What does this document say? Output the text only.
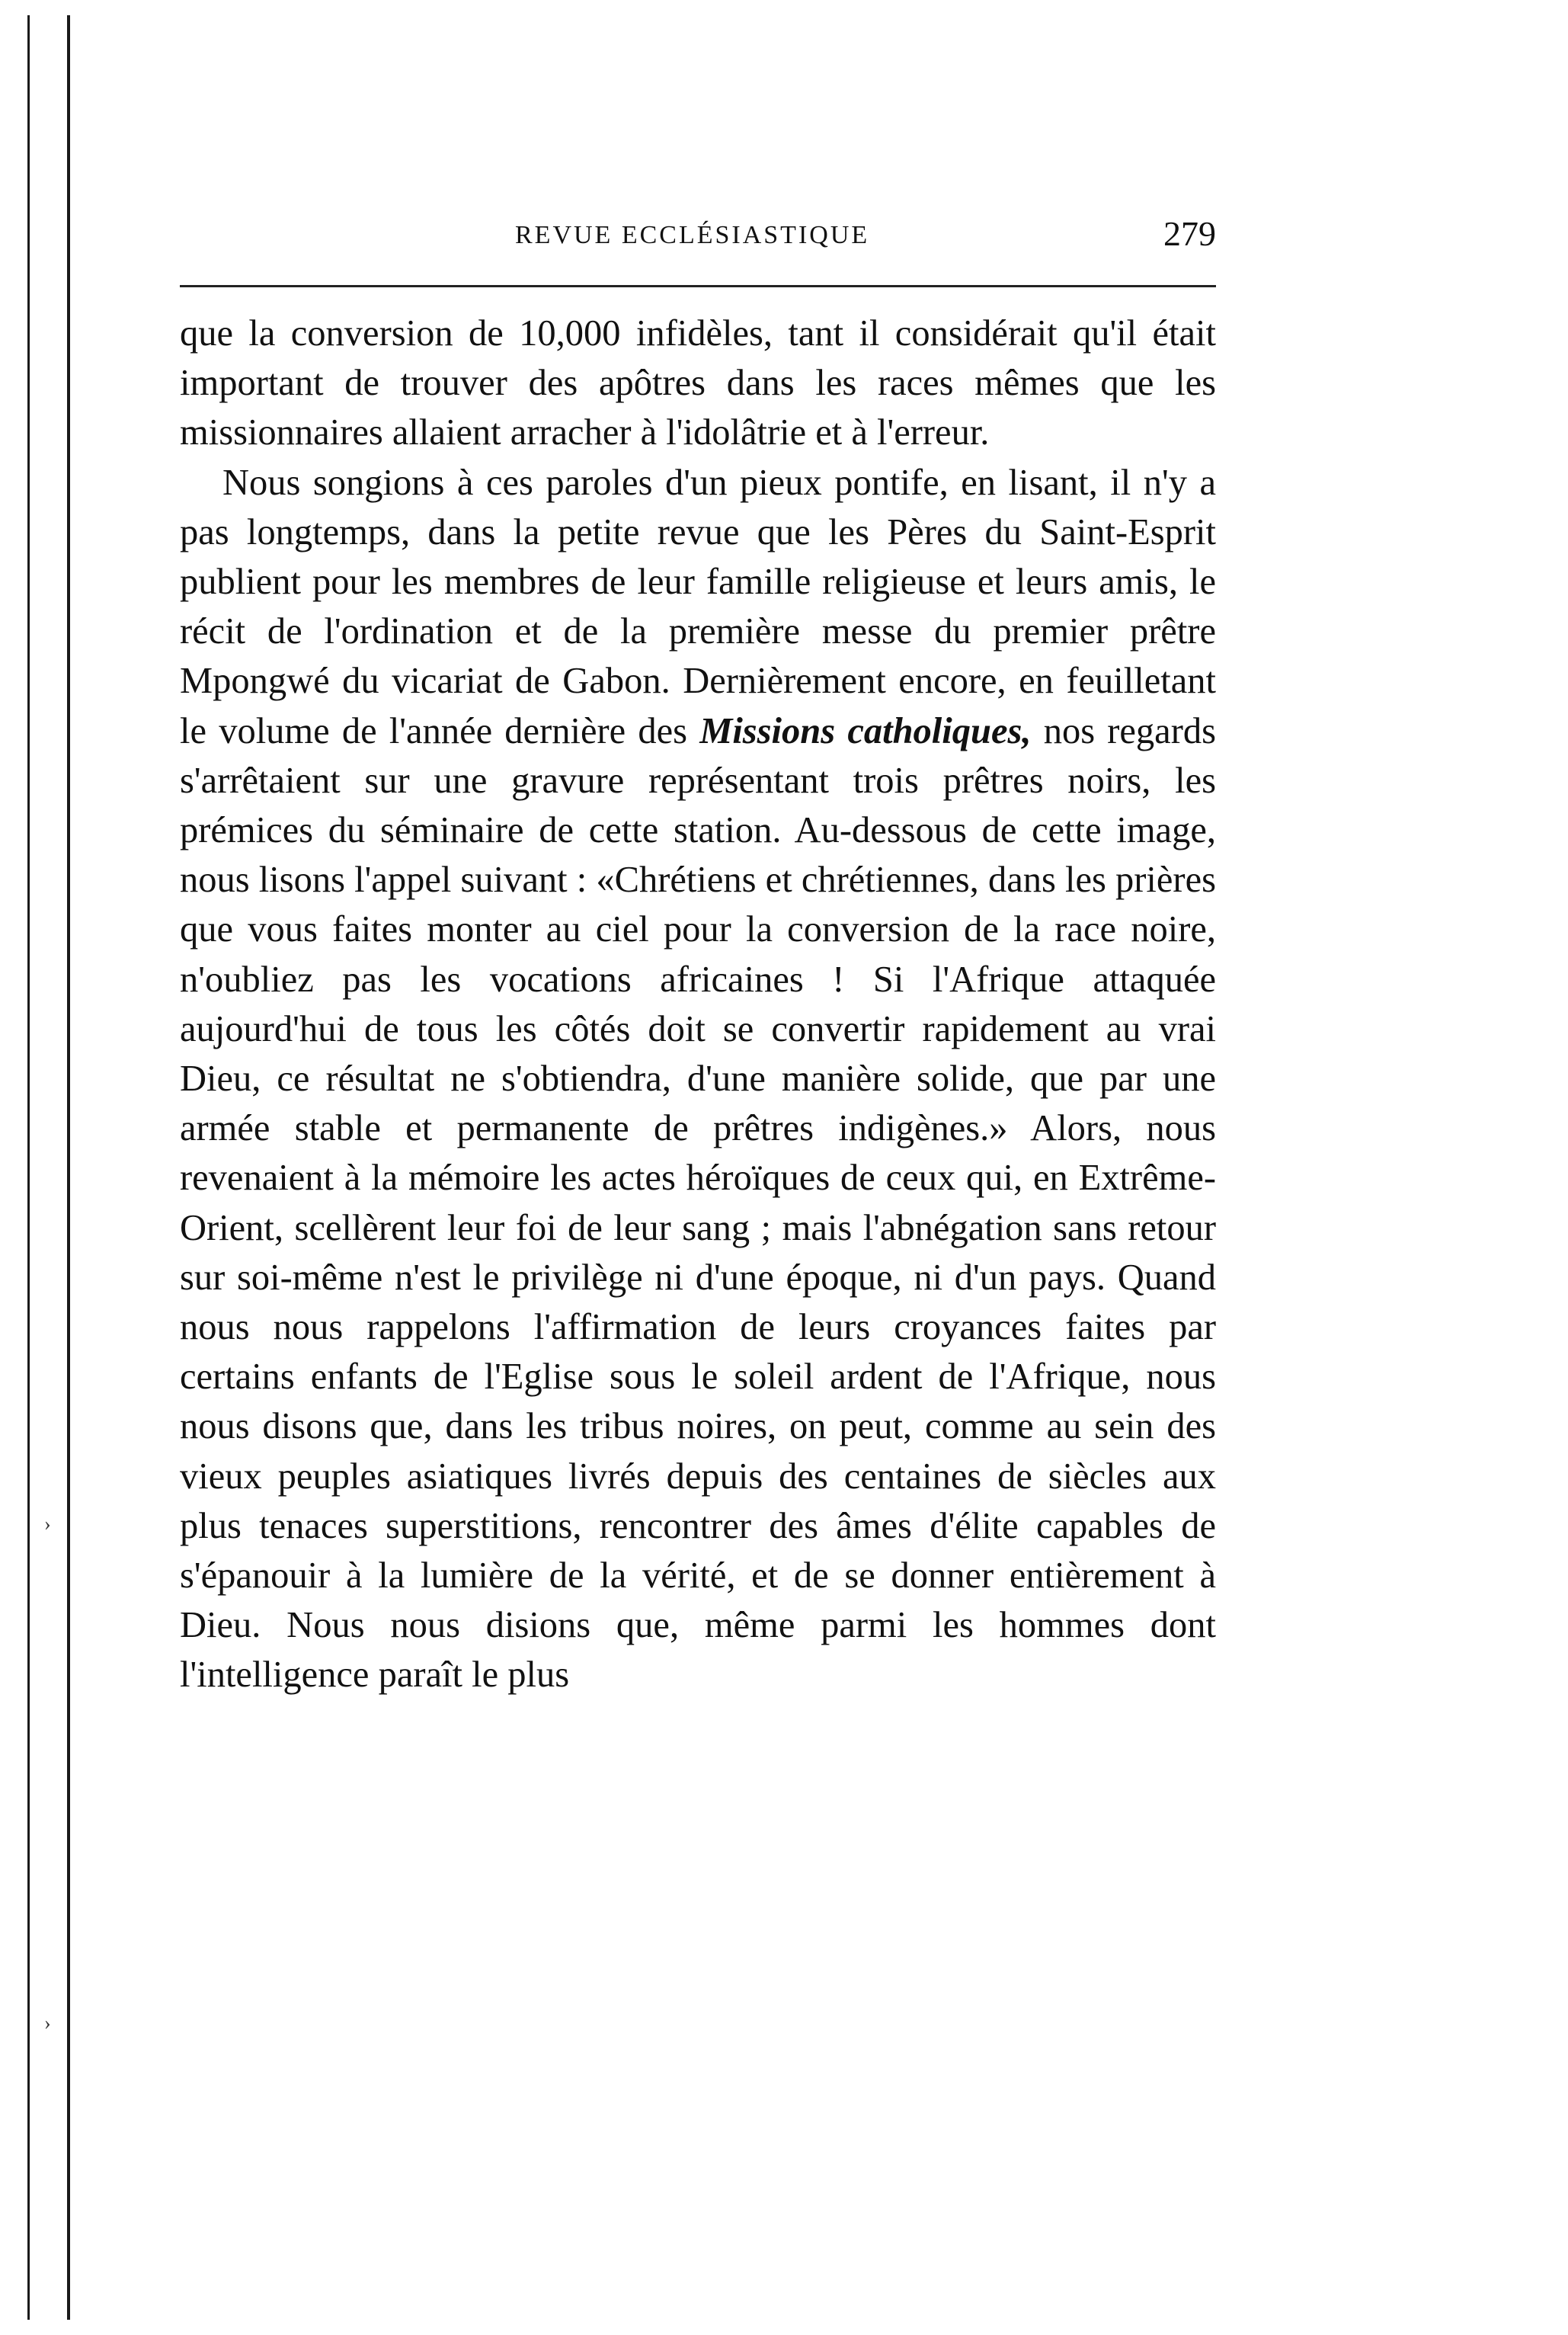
›
›
REVUE ECCLÉSIASTIQUE	279

que la conversion de 10,000 infidèles, tant il considérait qu'il était important de trouver des apôtres dans les races mêmes que les missionnaires allaient arracher à l'idolâtrie et à l'erreur.

Nous songions à ces paroles d'un pieux pontife, en lisant, il n'y a pas longtemps, dans la petite revue que les Pères du Saint-Esprit publient pour les membres de leur famille religieuse et leurs amis, le récit de l'ordination et de la première messe du premier prêtre Mpongwé du vicariat de Gabon. Dernièrement encore, en feuilletant le volume de l'année dernière des Missions catholiques, nos regards s'arrêtaient sur une gravure représentant trois prêtres noirs, les prémices du séminaire de cette station. Au-dessous de cette image, nous lisons l'appel suivant : «Chrétiens et chrétiennes, dans les prières que vous faites monter au ciel pour la conversion de la race noire, n'oubliez pas les vocations africaines ! Si l'Afrique attaquée aujourd'hui de tous les côtés doit se convertir rapidement au vrai Dieu, ce résultat ne s'obtiendra, d'une manière solide, que par une armée stable et permanente de prêtres indigènes.» Alors, nous revenaient à la mémoire les actes héroïques de ceux qui, en Extrême-Orient, scellèrent leur foi de leur sang ; mais l'abnégation sans retour sur soi-même n'est le privilège ni d'une époque, ni d'un pays. Quand nous nous rappelons l'affirmation de leurs croyances faites par certains enfants de l'Eglise sous le soleil ardent de l'Afrique, nous nous disons que, dans les tribus noires, on peut, comme au sein des vieux peuples asiatiques livrés depuis des centaines de siècles aux plus tenaces superstitions, rencontrer des âmes d'élite capables de s'épanouir à la lumière de la vérité, et de se donner entièrement à Dieu. Nous nous disions que, même parmi les hommes dont l'intelligence paraît le plus
